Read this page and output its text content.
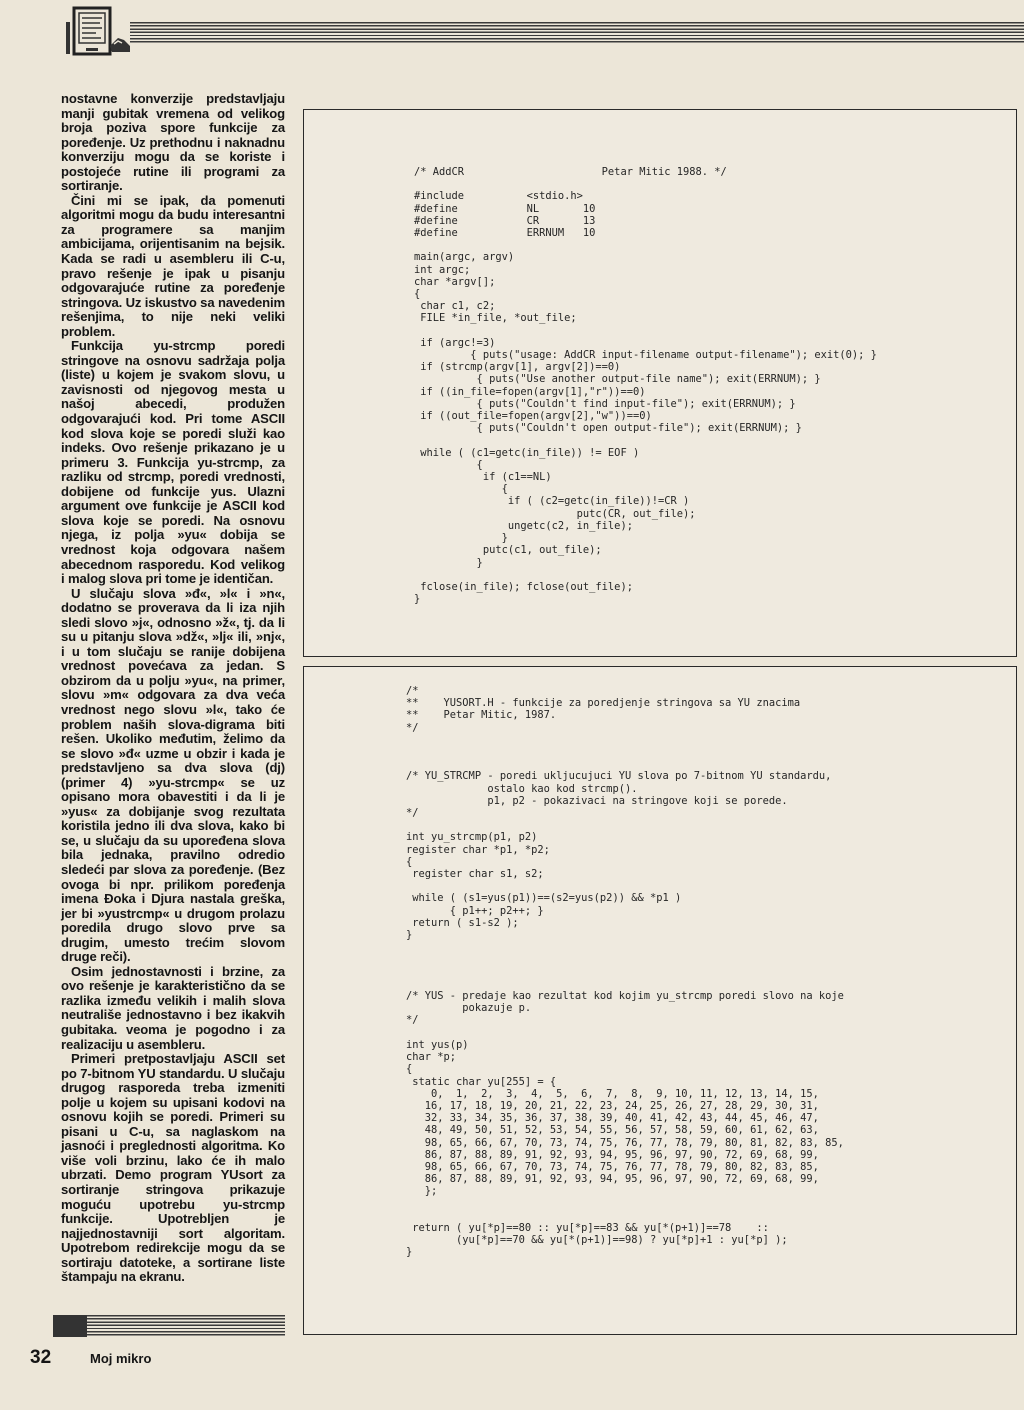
nostavne konverzije predstavljaju manji gubitak vremena od velikog broja poziva spore funkcije za poređenje. Uz prethodnu i naknadnu konverziju mogu da se koriste i postojeće rutine ili programi za sortiranje.

Čini mi se ipak, da pomenuti algoritmi mogu da budu interesantni za programere sa manjim ambicijama, orijentisanim na bejsik. Kada se radi u asembleru ili C-u, pravo rešenje je ipak u pisanju odgovarajuće rutine za poređenje stringova. Uz iskustvo sa navedenim rešenjima, to nije neki veliki problem.

Funkcija yu-strcmp poredi stringove na osnovu sadržaja polja (liste) u kojem je svakom slovu, u zavisnosti od njegovog mesta u našoj abecedi, produžen odgovarajući kod. Pri tome ASCII kod slova koje se poredi služi kao indeks. Ovo rešenje prikazano je u primeru 3. Funkcija yu-strcmp, za razliku od strcmp, poredi vrednosti, dobijene od funkcije yus. Ulazni argument ove funkcije je ASCII kod slova koje se poredi. Na osnovu njega, iz polja »yu« dobija se vrednost koja odgovara našem abecednom rasporedu. Kod velikog i malog slova pri tome je identičan.

U slučaju slova »đ«, »l« i »n«, dodatno se proverava da li iza njih sledi slovo »j«, odnosno »ž«, tj. da li su u pitanju slova »dž«, »lj« ili, »nj«, i u tom slučaju se ranije dobijena vrednost povećava za jedan. S obzirom da u polju »yu«, na primer, slovu »m« odgovara za dva veća vrednost nego slovu »l«, tako će problem naših slova-digrama biti rešen. Ukoliko međutim, želimo da se slovo »đ« uzme u obzir i kada je predstavljeno sa dva slova (dj) (primer 4) »yu-strcmp« se uz opisano mora obavestiti i da li je »yus« za dobijanje svog rezultata koristila jedno ili dva slova, kako bi se, u slučaju da su upoređena slova bila jednaka, pravilno odredio sledeći par slova za poređenje. (Bez ovoga bi npr. prilikom poređenja imena Đoka i Djura nastala greška, jer bi »yustrcmp« u drugom prolazu poredila drugo slovo prve sa drugim, umesto trećim slovom druge reči).

Osim jednostavnosti i brzine, za ovo rešenje je karakteristično da se razlika između velikih i malih slova neutrališe jednostavno i bez ikakvih gubitaka. veoma je pogodno i za realizaciju u asembleru.

Primeri pretpostavljaju ASCII set po 7-bitnom YU standardu. U slučaju drugog rasporeda treba izmeniti polje u kojem su upisani kodovi na osnovu kojih se poredi. Primeri su pisani u C-u, sa naglaskom na jasnoći i preglednosti algoritma. Ko više voli brzinu, lako će ih malo ubrzati. Demo program YUsort za sortiranje stringova prikazuje moguću upotrebu yu-strcmp funkcije. Upotrebljen je najjednostavniji sort algoritam. Upotrebom redirekcije mogu da se sortiraju datoteke, a sortirane liste štampaju na ekranu.

/* AddCR                      Petar Mitic 1988. */

#include          <stdio.h>
#define           NL       10
#define           CR       13
#define           ERRNUM   10

main(argc, argv)
int argc;
char *argv[];
{
char c1, c2;
FILE *in_file, *out_file;

if (argc!=3)
{ puts("usage: AddCR input-filename output-filename"); exit(0); }
if (strcmp(argv[1], argv[2])==0)
{ puts("Use another output-file name"); exit(ERRNUM); }
if ((in_file=fopen(argv[1],"r"))==0)
{ puts("Couldn't find input-file"); exit(ERRNUM); }
if ((out_file=fopen(argv[2],"w"))==0)
{ puts("Couldn't open output-file"); exit(ERRNUM); }

while ( (c1=getc(in_file)) != EOF )
{
if (c1==NL)
{
if ( (c2=getc(in_file))!=CR )
putc(CR, out_file);
ungetc(c2, in_file);
}
putc(c1, out_file);
}

fclose(in_file); fclose(out_file);
}
/*
**    YUSORT.H - funkcije za poredjenje stringova sa YU znacima
**    Petar Mitic, 1987.
*/

/* YU_STRCMP - poredi ukljucujuci YU slova po 7-bitnom YU standardu,
ostalo kao kod strcmp().
p1, p2 - pokazivaci na stringove koji se porede.
*/

int yu_strcmp(p1, p2)
register char *p1, *p2;
{
register char s1, s2;

while ( (s1=yus(p1))==(s2=yus(p2)) && *p1 )
{ p1++; p2++; }
return ( s1-s2 );
}

/* YUS - predaje kao rezultat kod kojim yu_strcmp poredi slovo na koje
pokazuje p.
*/

int yus(p)
char *p;
{
static char yu[255] = {
0,  1,  2,  3,  4,  5,  6,  7,  8,  9, 10, 11, 12, 13, 14, 15,
16, 17, 18, 19, 20, 21, 22, 23, 24, 25, 26, 27, 28, 29, 30, 31,
32, 33, 34, 35, 36, 37, 38, 39, 40, 41, 42, 43, 44, 45, 46, 47,
48, 49, 50, 51, 52, 53, 54, 55, 56, 57, 58, 59, 60, 61, 62, 63,
98, 65, 66, 67, 70, 73, 74, 75, 76, 77, 78, 79, 80, 81, 82, 83, 85,
86, 87, 88, 89, 91, 92, 93, 94, 95, 96, 97, 90, 72, 69, 68, 99,
98, 65, 66, 67, 70, 73, 74, 75, 76, 77, 78, 79, 80, 82, 83, 85,
86, 87, 88, 89, 91, 92, 93, 94, 95, 96, 97, 90, 72, 69, 68, 99,
};

return ( yu[*p]==80 :: yu[*p]==83 && yu[*(p+1)]==78    ::
(yu[*p]==70 && yu[*(p+1)]==98) ? yu[*p]+1 : yu[*p] );
}
32	Moj mikro
